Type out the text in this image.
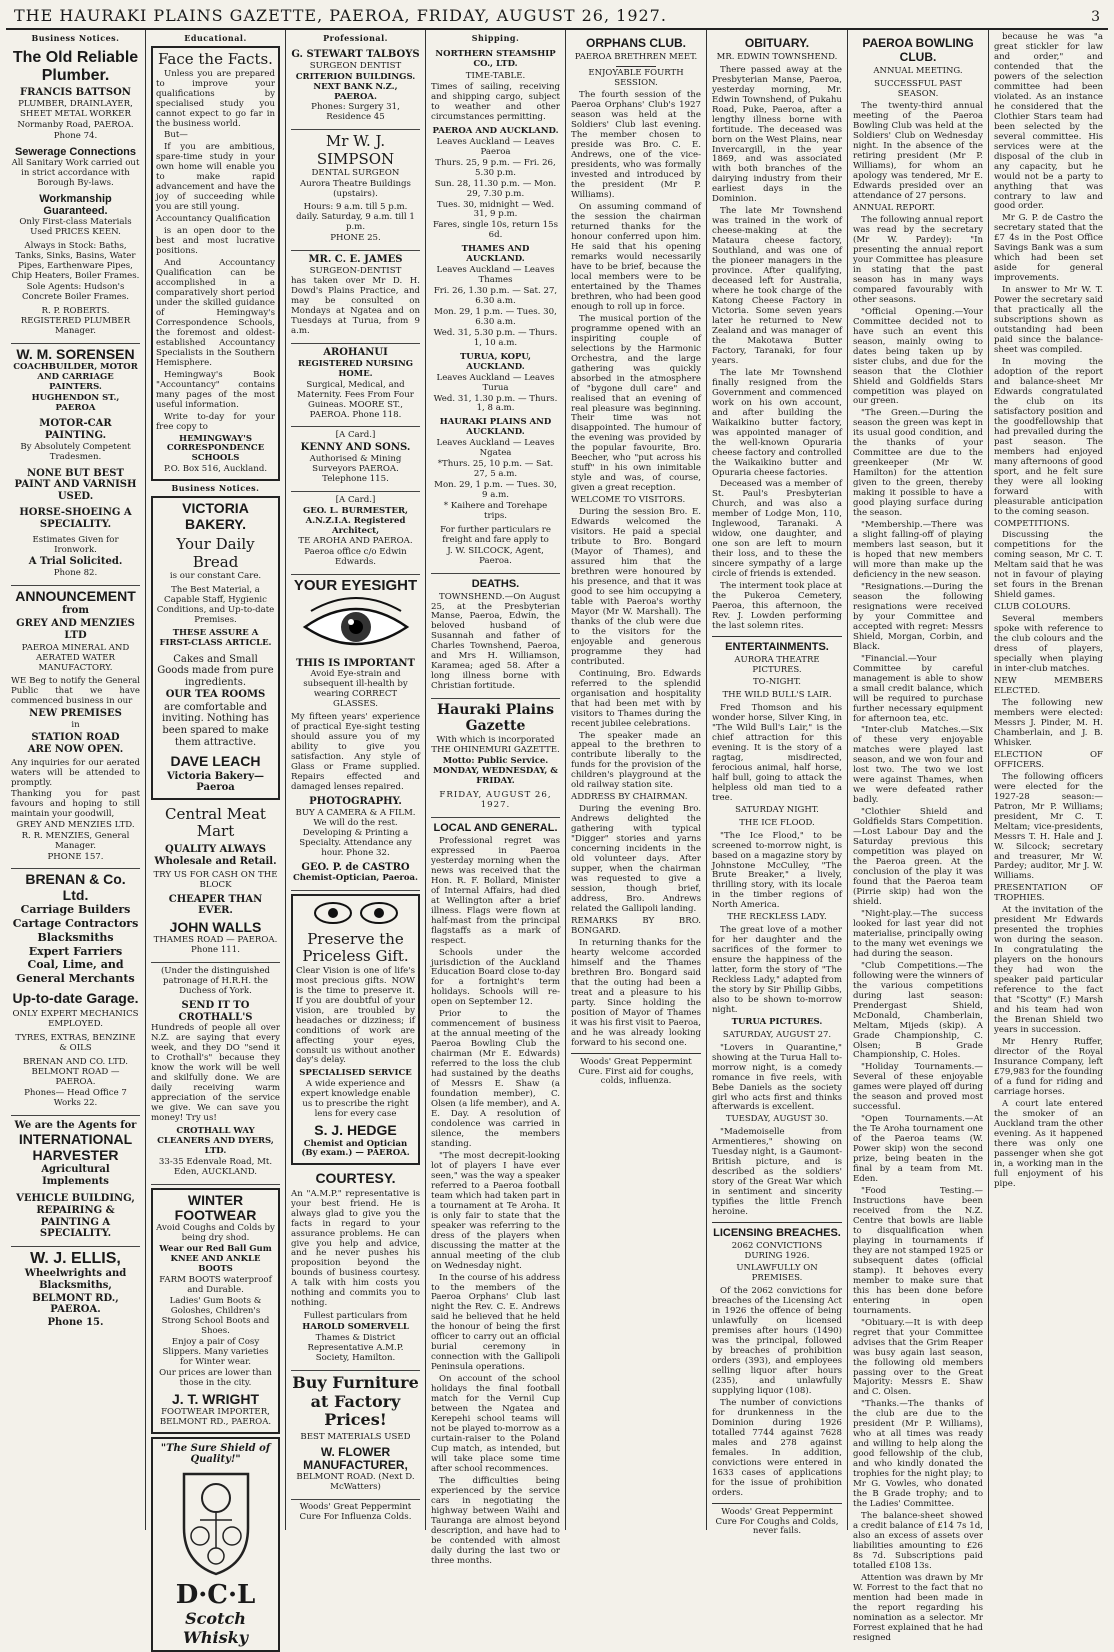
THE HAURAKI PLAINS GAZETTE, PAEROA, FRIDAY, AUGUST 26, 1927.	3
Business Notices.
The Old Reliable Plumber.
FRANCIS BATTSON

PLUMBER, DRAINLAYER, SHEET METAL WORKER

Normanby Road, PAEROA.

Phone 74.

Sewerage Connections

All Sanitary Work carried out in strict accordance with Borough By-laws.

Workmanship Guaranteed.

Only First-class Materials Used PRICES KEEN.

Always in Stock: Baths, Tanks, Sinks, Basins, Water Pipes, Earthenware Pipes, Chip Heaters, Boiler Frames.

Sole Agents: Hudson's Concrete Boiler Frames.

R. P. ROBERTS. REGISTERED PLUMBER Manager.

W. M. SORENSEN

COACHBUILDER, MOTOR AND CARRIAGE PAINTERS.

HUGHENDON ST., PAEROA

MOTOR-CAR PAINTING.

By Absolutely Competent Tradesmen.

NONE BUT BEST PAINT AND VARNISH USED.

HORSE-SHOEING A SPECIALITY.

Estimates Given for Ironwork.

A Trial Solicited.

Phone 82.

ANNOUNCEMENT

from

GREY AND MENZIES LTD

PAEROA MINERAL AND AERATED WATER MANUFACTORY.

WE Beg to notify the General Public that we have commenced business in our

NEW PREMISES

in

STATION ROAD

ARE NOW OPEN.

Any inquiries for our aerated waters will be attended to promptly.

Thanking you for past favours and hoping to still maintain your goodwill,

GREY AND MENZIES LTD.

R. R. MENZIES, General Manager.

PHONE 157.

BRENAN & Co. Ltd.

Carriage Builders

Cartage Contractors

Blacksmiths

Expert Farriers

Coal, Lime, and

General Merchants

Up-to-date Garage.

ONLY EXPERT MECHANICS EMPLOYED.

TYRES, EXTRAS, BENZINE & OILS

BRENAN AND CO. LTD. BELMONT ROAD — PAEROA.

Phones— Head Office 7 Works 22.

We are the Agents for

INTERNATIONAL HARVESTER

Agricultural Implements

VEHICLE BUILDING, REPAIRING & PAINTING A SPECIALITY.

W. J. ELLIS,

Wheelwrights and Blacksmiths,

BELMONT RD., PAEROA.

Phone 15.

Educational.
Face the Facts.

Unless you are prepared to improve your qualifications by specialised study you cannot expect to go far in the business world.

But—

If you are ambitious, spare-time study in your own home will enable you to make rapid advancement and have the joy of succeeding while you are still young.

Accountancy Qualification

is an open door to the best and most lucrative positions.

And Accountancy Qualification can be accomplished in a comparatively short period under the skilled guidance of Hemingway's Correspondence Schools, the foremost and oldest-established Accountancy Specialists in the Southern Hemisphere.

Hemingway's Book "Accountancy" contains many pages of the most useful information.

Write to-day for your free copy to

HEMINGWAY'S CORRESPONDENCE SCHOOLS

P.O. Box 516, Auckland.

Business Notices.
VICTORIA BAKERY.
Your Daily Bread

is our constant Care.

The Best Material, a Capable Staff, Hygienic Conditions, and Up-to-date Premises.

THESE ASSURE A FIRST-CLASS ARTICLE.

Cakes and Small Goods made from pure ingredients.

OUR TEA ROOMS

are comfortable and inviting. Nothing has been spared to make them attractive.

DAVE LEACH

Victoria Bakery—Paeroa

Central Meat Mart

QUALITY ALWAYS

Wholesale and Retail.

TRY US FOR CASH ON THE BLOCK

CHEAPER THAN EVER.

JOHN WALLS

THAMES ROAD — PAEROA. Phone 111.

(Under the distinguished patronage of H.R.H. the Duchess of York.

SEND IT TO CROTHALL'S

Hundreds of people all over N.Z. are saying that every week, and they DO "send it to Crothall's" because they know the work will be well and skilfully done. We are daily receiving warm appreciation of the service we give. We can save you money! Try us!

CROTHALL WAY CLEANERS AND DYERS, LTD.

33-35 Edenvale Road, Mt. Eden, AUCKLAND.

WINTER FOOTWEAR

Avoid Coughs and Colds by being dry shod.

Wear our Red Ball Gum KNEE AND ANKLE BOOTS

FARM BOOTS waterproof and Durable.

Ladies' Gum Boots & Goloshes, Children's Strong School Boots and Shoes.

Enjoy a pair of Cosy Slippers. Many varieties for Winter wear.

Our prices are lower than those in the city.

J. T. WRIGHT

FOOTWEAR IMPORTER, BELMONT RD., PAEROA.

"The Sure Shield of Quality!"

D·C·L
Scotch Whisky
Professional.
G. STEWART TALBOYS

SURGEON DENTIST

CRITERION BUILDINGS. NEXT BANK N.Z., PAEROA.

Phones: Surgery 31, Residence 45

Mr W. J. SIMPSON

DENTAL SURGEON

Aurora Theatre Buildings (upstairs).

Hours: 9 a.m. till 5 p.m. daily. Saturday, 9 a.m. till 1 p.m.

PHONE 25.

MR. C. E. JAMES

SURGEON-DENTIST

has taken over Mr D. H. Dowd's Plains Practice, and may be consulted on Mondays at Ngatea and on Tuesdays at Turua, from 9 a.m.

AROHANUI

REGISTERED NURSING HOME.

Surgical, Medical, and Maternity. Fees From Four Guineas. MOORE ST., PAEROA. Phone 118.

[A Card.]

KENNY AND SONS.

Authorised & Mining Surveyors PAEROA. Telephone 115.

[A Card.]

GEO. L. BURMESTER, A.N.Z.I.A. Registered Architect,

TE AROHA AND PAEROA.

Paeroa office c/o Edwin Edwards.

YOUR EYESIGHT

THIS IS IMPORTANT

Avoid Eye-strain and subsequent ill-health by wearing CORRECT GLASSES.

My fifteen years' experience of practical Eye-sight testing should assure you of my ability to give you satisfaction. Any style of Glass or Frame supplied. Repairs effected and damaged lenses repaired.

PHOTOGRAPHY.

BUY A CAMERA & A FILM. We will do the rest. Developing & Printing a Specialty. Attendance any hour. Phone 32.

GEO. P. de CASTRO

Chemist-Optician, Paeroa.

Preserve the Priceless Gift.

Clear Vision is one of life's most precious gifts. NOW is the time to preserve it. If you are doubtful of your vision, are troubled by headaches or dizziness; if conditions of work are affecting your eyes, consult us without another day's delay.

SPECIALISED SERVICE

A wide experience and expert knowledge enable us to prescribe the right lens for every case

S. J. HEDGE

Chemist and Optician (By exam.) — PAEROA.

COURTESY.

An "A.M.P." representative is your best friend. He is always glad to give you the facts in regard to your assurance problems. He can give you help and advice, and he never pushes his proposition beyond the bounds of business courtesy. A talk with him costs you nothing and commits you to nothing.

Fullest particulars from

HAROLD SOMERVELL

Thames & District Representative A.M.P. Society, Hamilton.

Buy Furniture at Factory Prices!

BEST MATERIALS USED

W. FLOWER MANUFACTURER,

BELMONT ROAD. (Next D. McWatters)

Woods' Great Peppermint Cure For Influenza Colds.

Shipping.

NORTHERN STEAMSHIP CO., LTD.

TIME-TABLE.

Times of sailing, receiving and shipping cargo, subject to weather and other circumstances permitting.

PAEROA AND AUCKLAND.

Leaves Auckland — Leaves Paeroa

Thurs. 25, 9 p.m. — Fri. 26, 5.30 p.m.

Sun. 28, 11.30 p.m. — Mon. 29, 7.30 p.m.

Tues. 30, midnight — Wed. 31, 9 p.m.

Fares, single 10s, return 15s 6d.

THAMES AND AUCKLAND.

Leaves Auckland — Leaves Thames

Fri. 26, 1.30 p.m. — Sat. 27, 6.30 a.m.

Mon. 29, 1 p.m. — Tues. 30, 6.30 a.m.

Wed. 31, 5.30 p.m. — Thurs. 1, 10 a.m.

TURUA, KOPU, AUCKLAND.

Leaves Auckland — Leaves Turua

Wed. 31, 1.30 p.m. — Thurs. 1, 8 a.m.

HAURAKI PLAINS AND AUCKLAND.

Leaves Auckland — Leaves Ngatea

*Thurs. 25, 10 p.m. — Sat. 27, 5 a.m.

Mon. 29, 1 p.m. — Tues. 30, 9 a.m.

* Kaihere and Torehape trips.

For further particulars re freight and fare apply to

J. W. SILCOCK, Agent, Paeroa.

DEATHS.

TOWNSHEND.—On August 25, at the Presbyterian Manse, Paeroa, Edwin, the beloved husband of Susannah and father of Charles Townshend, Paeroa, and Mrs H. Williamson, Karamea; aged 58. After a long illness borne with Christian fortitude.

Hauraki Plains Gazette

With which is incorporated THE OHINEMURI GAZETTE.

Motto: Public Service.

MONDAY, WEDNESDAY, & FRIDAY.

FRIDAY, AUGUST 26, 1927.

LOCAL AND GENERAL.

Professional regret was expressed in Paeroa yesterday morning when the news was received that the Hon. R. F. Bollard, Minister of Internal Affairs, had died at Wellington after a brief illness. Flags were flown at half-mast from the principal flagstaffs as a mark of respect.

Schools under the jurisdiction of the Auckland Education Board close to-day for a fortnight's term holidays. Schools will re-open on September 12.

Prior to the commencement of business at the annual meeting of the Paeroa Bowling Club the chairman (Mr E. Edwards) referred to the loss the club had sustained by the deaths of Messrs E. Shaw (a foundation member), C. Olsen (a life member), and A. E. Day. A resolution of condolence was carried in silence, the members standing.

"The most decrepit-looking lot of players I have ever seen," was the way a speaker referred to a Paeroa football team which had taken part in a tournament at Te Aroha. It is only fair to state that the speaker was referring to the dress of the players when discussing the matter at the annual meeting of the club on Wednesday night.

In the course of his address to the members of the Paeroa Orphans' Club last night the Rev. C. E. Andrews said he believed that he held the honour of being the first officer to carry out an official burial ceremony in connection with the Gallipoli Peninsula operations.

On account of the school holidays the final football match for the Vernil Cup between the Ngatea and Kerepehi school teams will not be played to-morrow as a curtain-raiser to the Poland Cup match, as intended, but will take place some time after school recommences.

The difficulties being experienced by the service cars in negotiating the highway between Waihi and Tauranga are almost beyond description, and have had to be contended with almost daily during the last two or three months.

ORPHANS CLUB.
PAEROA BRETHREN MEET.
ENJOYABLE FOURTH SESSION.

The fourth session of the Paeroa Orphans' Club's 1927 season was held at the Soldiers' Club last evening. The member chosen to preside was Bro. C. E. Andrews, one of the vice-presidents, who was formally invested and introduced by the president (Mr P. Williams).

On assuming command of the session the chairman returned thanks for the honour conferred upon him. He said that his opening remarks would necessarily have to be brief, because the local members were to be entertained by the Thames brethren, who had been good enough to roll up in force.

The musical portion of the programme opened with an inspiriting couple of selections by the Harmonic Orchestra, and the large gathering was quickly absorbed in the atmosphere of "bygone dull care" and realised that an evening of real pleasure was beginning. Their time was not disappointed. The humour of the evening was provided by the popular favourite, Bro. Beecher, who "put across his stuff" in his own inimitable style and was, of course, given a great reception.

WELCOME TO VISITORS.

During the session Bro. E. Edwards welcomed the visitors. He paid a special tribute to Bro. Bongard (Mayor of Thames), and assured him that the brethren were honoured by his presence, and that it was good to see him occupying a table with Paeroa's worthy Mayor (Mr W. Marshall). The thanks of the club were due to the visitors for the enjoyable and generous programme they had contributed.

Continuing, Bro. Edwards referred to the splendid organisation and hospitality that had been met with by visitors to Thames during the recent jubilee celebrations.

The speaker made an appeal to the brethren to contribute liberally to the funds for the provision of the children's playground at the old railway station site.

ADDRESS BY CHAIRMAN.

During the evening Bro. Andrews delighted the gathering with typical "Digger" stories and yarns concerning incidents in the old volunteer days. After supper, when the chairman was requested to give a session, though brief, address, Bro. Andrews related the Gallipoli landing.

REMARKS BY BRO. BONGARD.

In returning thanks for the hearty welcome accorded himself and the Thames brethren Bro. Bongard said that the outing had been a treat and a pleasure to his party. Since holding the position of Mayor of Thames it was his first visit to Paeroa, and he was already looking forward to his second one.

Woods' Great Peppermint Cure. First aid for coughs, colds, influenza.

OBITUARY.
MR. EDWIN TOWNSHEND.

There passed away at the Presbyterian Manse, Paeroa, yesterday morning, Mr. Edwin Townshend, of Pukahu Road, Puke, Paeroa, after a lengthy illness borne with fortitude. The deceased was born on the West Plains, near Invercargill, in the year 1869, and was associated with both branches of the dairying industry from their earliest days in the Dominion.

The late Mr Townshend was trained in the work of cheese-making at the Mataura cheese factory, Southland, and was one of the pioneer managers in the province. After qualifying, deceased left for Australia, where he took charge of the Katong Cheese Factory in Victoria. Some seven years later he returned to New Zealand and was manager of the Makotawa Butter Factory, Taranaki, for four years.

The late Mr Townshend finally resigned from the Government and commenced work on his own account, and after building the Waikaikino butter factory, was appointed manager of the well-known Opuraria cheese factory and controlled the Waikaikino butter and Opuraria cheese factories.

Deceased was a member of St. Paul's Presbyterian Church, and was also a member of Lodge Mon, 110, Inglewood, Taranaki. A widow, one daughter, and one son are left to mourn their loss, and to these the sincere sympathy of a large circle of friends is extended.

The interment took place at the Pukeroa Cemetery, Paeroa, this afternoon, the Rev. J. Lowden performing the last solemn rites.

ENTERTAINMENTS.
AURORA THEATRE PICTURES.
TO-NIGHT.
THE WILD BULL'S LAIR.

Fred Thomson and his wonder horse, Silver King, in "The Wild Bull's Lair," is the chief attraction for this evening. It is the story of a ragtag, misdirected, ferocious animal, half horse, half bull, going to attack the helpless old man tied to a tree.

SATURDAY NIGHT.
THE ICE FLOOD.

"The Ice Flood," to be screened to-morrow night, is based on a magazine story by Johnstone McCulley, "The Brute Breaker," a lively, thrilling story, with its locale in the timber regions of North America.

THE RECKLESS LADY.

The great love of a mother for her daughter and the sacrifices of the former to ensure the happiness of the latter, form the story of "The Reckless Lady," adapted from the story by Sir Phillip Gibbs, also to be shown to-morrow night.

TURUA PICTURES.
SATURDAY, AUGUST 27.

"Lovers in Quarantine," showing at the Turua Hall to-morrow night, is a comedy romance in five reels, with Bebe Daniels as the society girl who acts first and thinks afterwards is excellent.

TUESDAY, AUGUST 30.

"Mademoiselle from Armentieres," showing on Tuesday night, is a Gaumont-British picture, and is described as the soldiers' story of the Great War which in sentiment and sincerity typifies the little French heroine.

LICENSING BREACHES.
2062 CONVICTIONS DURING 1926.
UNLAWFULLY ON PREMISES.

Of the 2062 convictions for breaches of the Licensing Act in 1926 the offence of being unlawfully on licensed premises after hours (1490) was the principal, followed by breaches of prohibition orders (393), and employees selling liquor after hours (235), and unlawfully supplying liquor (108).

The number of convictions for drunkenness in the Dominion during 1926 totalled 7744 against 7628 males and 278 against females. In addition, convictions were entered in 1633 cases of applications for the issue of prohibition orders.

Woods' Great Peppermint Cure For Coughs and Colds, never fails.

PAEROA BOWLING CLUB.
ANNUAL MEETING.
SUCCESSFUL PAST SEASON.

The twenty-third annual meeting of the Paeroa Bowling Club was held at the Soldiers' Club on Wednesday night. In the absence of the retiring president (Mr P. Williams), for whom an apology was tendered, Mr E. Edwards presided over an attendance of 27 persons.

ANNUAL REPORT.

The following annual report was read by the secretary (Mr W. Pardey): "In presenting the annual report your Committee has pleasure in stating that the past season has in many ways compared favourably with other seasons.

"Official Opening.—Your Committee decided not to have such an event this season, mainly owing to dates being taken up by sister clubs, and due for the season that the Clothier Shield and Goldfields Stars competition was played on our green.

"The Green.—During the season the green was kept in its usual good condition, and the thanks of your Committee are due to the greenkeeper (Mr W. Hamilton) for the attention given to the green, thereby making it possible to have a good playing surface during the season.

"Membership.—There was a slight falling-off of playing members last season, but it is hoped that new members will more than make up the deficiency in the new season.

"Resignations.—During the season the following resignations were received by your Committee and accepted with regret: Messrs Shield, Morgan, Corbin, and Black.

"Financial.—Your Committee by careful management is able to show a small credit balance, which will be required to purchase further necessary equipment for afternoon tea, etc.

"Inter-club Matches.—Six of these very enjoyable matches were played last season, and we won four and lost two. The two we lost were against Thames, when we were defeated rather badly.

"Clothier Shield and Goldfields Stars Competition.—Lost Labour Day and the Saturday previous this competition was played on the Paeroa green. At the conclusion of the play it was found that the Paeroa team (Pirrie skip) had won the shield.

"Night-play.—The success looked for last year did not materialise, principally owing to the many wet evenings we had during the season.

"Club Competitions.—The following were the winners of the various competitions during last season: Prendergast Shield, McDonald, Chamberlain, Meltam, Mijeds (skip). A Grade Championship, C. Olsen; B Grade Championship, C. Holes.

"Holiday Tournaments.—Several of these enjoyable games were played off during the season and proved most successful.

"Open Tournaments.—At the Te Aroha tournament one of the Paeroa teams (W. Power skip) won the second prize, being beaten in the final by a team from Mt. Eden.

"Food Testing.—Instructions have been received from the N.Z. Centre that bowls are liable to disqualification when playing in tournaments if they are not stamped 1925 or subsequent dates (official stamp). It behoves every member to make sure that this has been done before entering in open tournaments.

"Obituary.—It is with deep regret that your Committee advises that the Grim Reaper was busy again last season, the following old members passing over to the Great Majority: Messrs E. Shaw and C. Olsen.

"Thanks.—The thanks of the club are due to the president (Mr P. Williams), who at all times was ready and willing to help along the good fellowship of the club, and who kindly donated the trophies for the night play; to Mr G. Vowles, who donated the B Grade trophy; and to the Ladies' Committee.

The balance-sheet showed a credit balance of £14 7s 1d, also an excess of assets over liabilities amounting to £26 8s 7d. Subscriptions paid totalled £108 13s.

Attention was drawn by Mr W. Forrest to the fact that no mention had been made in the report regarding his nomination as a selector. Mr Forrest explained that he had resigned

because he was "a great stickler for law and order," and contended that the powers of the selection committee had been violated. As an instance he considered that the Clothier Stars team had been selected by the several committee. His services were at the disposal of the club in any capacity, but he would not be a party to anything that was contrary to law and good order.

Mr G. P. de Castro the secretary stated that the £7 4s in the Post Office Savings Bank was a sum which had been set aside for general improvements.

In answer to Mr W. T. Power the secretary said that practically all the subscriptions shown as outstanding had been paid since the balance-sheet was compiled.

In moving the adoption of the report and balance-sheet Mr Edwards congratulated the club on its satisfactory position and the goodfellowship that had prevailed during the past season. The members had enjoyed many afternoons of good sport, and he felt sure they were all looking forward with pleasurable anticipation to the coming season.

COMPETITIONS.

Discussing the competitions for the coming season, Mr C. T. Meltam said that he was not in favour of playing set fours in the Brenan Shield games.

CLUB COLOURS.

Several members spoke with reference to the club colours and the dress of players, specially when playing in inter-club matches.

NEW MEMBERS ELECTED.

The following new members were elected: Messrs J. Pinder, M. H. Chamberlain, and J. B. Whisker.

ELECTION OF OFFICERS.

The following officers were elected for the 1927-28 season:—Patron, Mr P. Williams; president, Mr C. T. Meltam; vice-presidents, Messrs T. H. Hale and J. W. Silcock; secretary and treasurer, Mr W. Pardey; auditor, Mr J. W. Williams.

PRESENTATION OF TROPHIES.

At the invitation of the president Mr Edwards presented the trophies won during the season. In congratulating the players on the honours they had won the speaker paid particular reference to the fact that "Scotty" (F.) Marsh and his team had won the Brenan Shield two years in succession.

Mr Henry Ruffer, director of the Royal Insurance Company, left £79,983 for the founding of a fund for riding and carriage horses.

A court late entered the smoker of an Auckland tram the other evening. As it happened there was only one passenger when she got in, a working man in the full enjoyment of his pipe.
